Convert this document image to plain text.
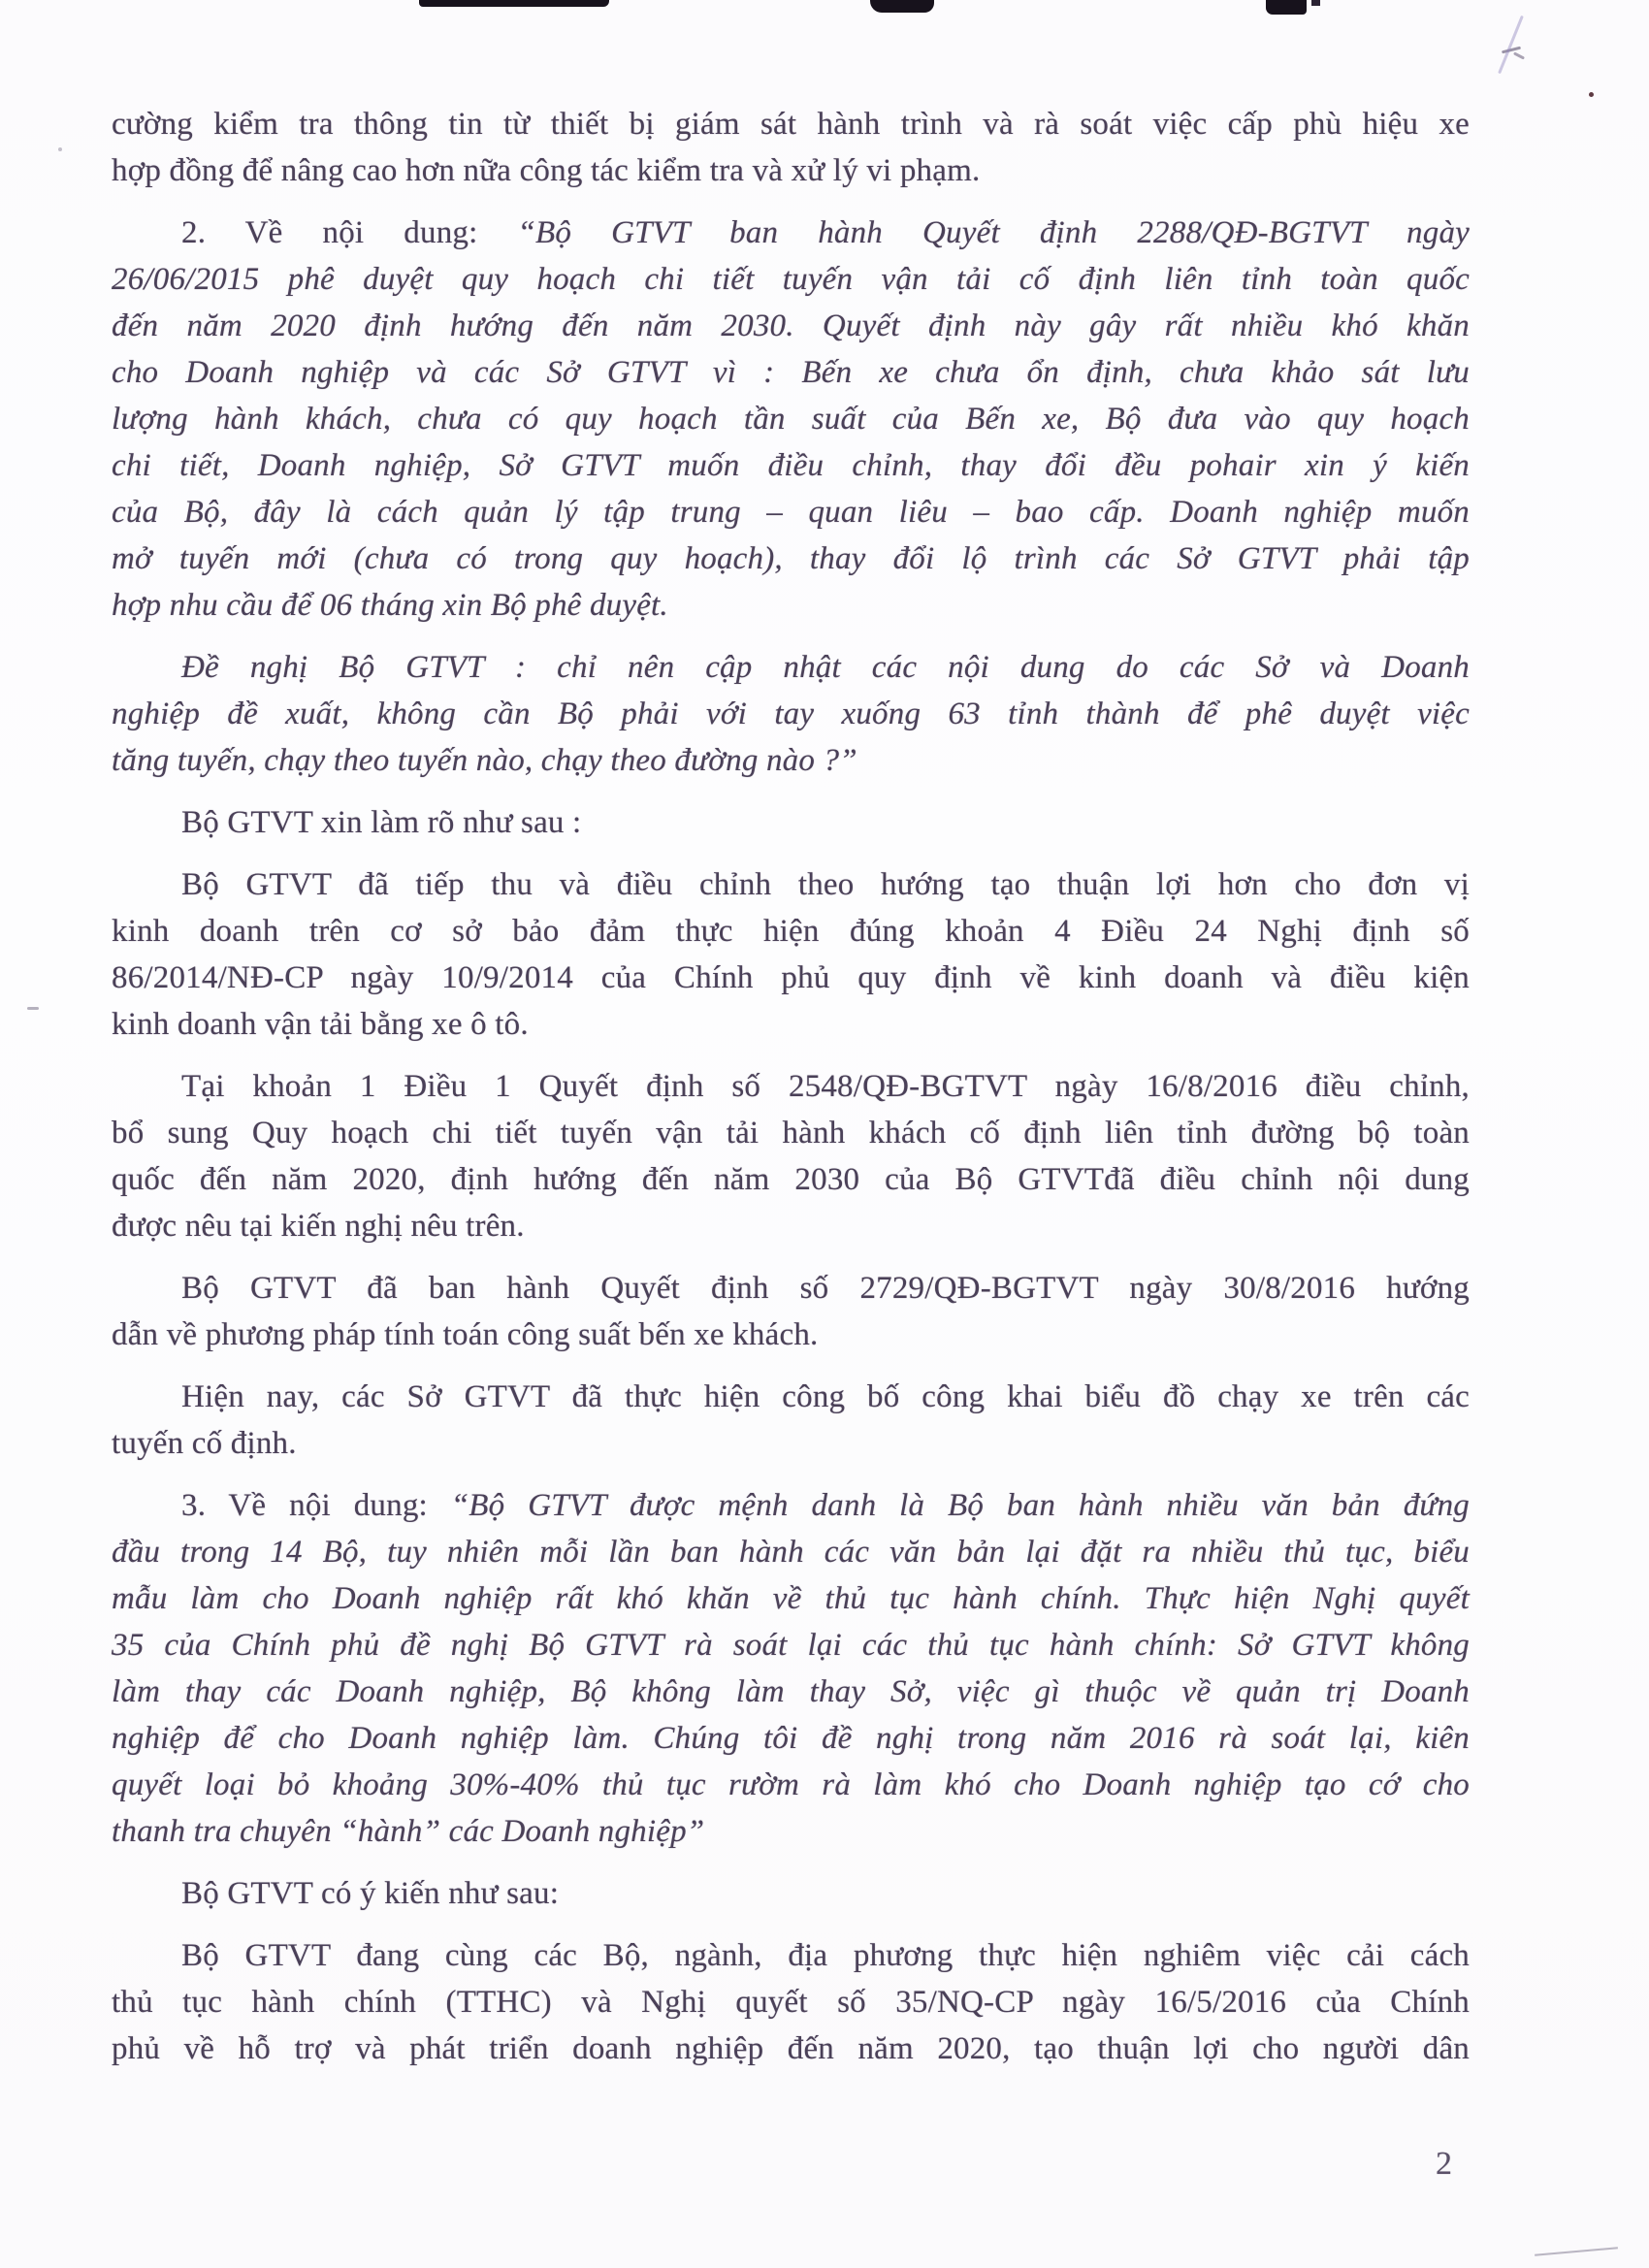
cường kiểm tra thông tin từ thiết bị giám sát hành trình và rà soát việc cấp phù hiệu xe
hợp đồng để nâng cao hơn nữa công tác kiểm tra và xử lý vi phạm.
2. Về nội dung: “Bộ GTVT ban hành Quyết định 2288/QĐ-BGTVT ngày
26/06/2015 phê duyệt quy hoạch chi tiết tuyến vận tải cố định liên tỉnh toàn quốc
đến năm 2020 định hướng đến năm 2030. Quyết định này gây rất nhiều khó khăn
cho Doanh nghiệp và các Sở GTVT vì : Bến xe chưa ổn định, chưa khảo sát lưu
lượng hành khách, chưa có quy hoạch tần suất của Bến xe, Bộ đưa vào quy hoạch
chi tiết, Doanh nghiệp, Sở GTVT muốn điều chỉnh, thay đổi đều pohair xin ý kiến
của Bộ, đây là cách quản lý tập trung – quan liêu – bao cấp. Doanh nghiệp muốn
mở tuyến mới (chưa có trong quy hoạch), thay đổi lộ trình các Sở GTVT phải tập
hợp nhu cầu để 06 tháng xin Bộ phê duyệt.
Đề nghị Bộ GTVT : chỉ nên cập nhật các nội dung do các Sở và Doanh
nghiệp đề xuất, không cần Bộ phải với tay xuống 63 tỉnh thành để phê duyệt việc
tăng tuyến, chạy theo tuyến nào, chạy theo đường nào ?”
Bộ GTVT xin làm rõ như sau :
Bộ GTVT đã tiếp thu và điều chỉnh theo hướng tạo thuận lợi hơn cho đơn vị
kinh doanh trên cơ sở bảo đảm thực hiện đúng khoản 4 Điều 24 Nghị định số
86/2014/NĐ-CP ngày 10/9/2014 của Chính phủ quy định về kinh doanh và điều kiện
kinh doanh vận tải bằng xe ô tô.
Tại khoản 1 Điều 1 Quyết định số 2548/QĐ-BGTVT ngày 16/8/2016 điều chỉnh,
bổ sung Quy hoạch chi tiết tuyến vận tải hành khách cố định liên tỉnh đường bộ toàn
quốc đến năm 2020, định hướng đến năm 2030 của Bộ GTVTđã điều chỉnh nội dung
được nêu tại kiến nghị nêu trên.
Bộ GTVT đã ban hành Quyết định số 2729/QĐ-BGTVT ngày 30/8/2016 hướng
dẫn về phương pháp tính toán công suất bến xe khách.
Hiện nay, các Sở GTVT đã thực hiện công bố công khai biểu đồ chạy xe trên các
tuyến cố định.
3. Về nội dung: “Bộ GTVT được mệnh danh là Bộ ban hành nhiều văn bản đứng
đầu trong 14 Bộ, tuy nhiên mỗi lần ban hành các văn bản lại đặt ra nhiều thủ tục, biểu
mẫu làm cho Doanh nghiệp rất khó khăn về thủ tục hành chính. Thực hiện Nghị quyết
35 của Chính phủ đề nghị Bộ GTVT rà soát lại các thủ tục hành chính: Sở GTVT không
làm thay các Doanh nghiệp, Bộ không làm thay Sở, việc gì thuộc về quản trị Doanh
nghiệp để cho Doanh nghiệp làm. Chúng tôi đề nghị trong năm 2016 rà soát lại, kiên
quyết loại bỏ khoảng 30%-40% thủ tục rườm rà làm khó cho Doanh nghiệp tạo cớ cho
thanh tra chuyên “hành” các Doanh nghiệp”
Bộ GTVT có ý kiến như sau:
Bộ GTVT đang cùng các Bộ, ngành, địa phương thực hiện nghiêm việc cải cách
thủ tục hành chính (TTHC) và Nghị quyết số 35/NQ-CP ngày 16/5/2016 của Chính
phủ về hỗ trợ và phát triển doanh nghiệp đến năm 2020, tạo thuận lợi cho người dân
2
